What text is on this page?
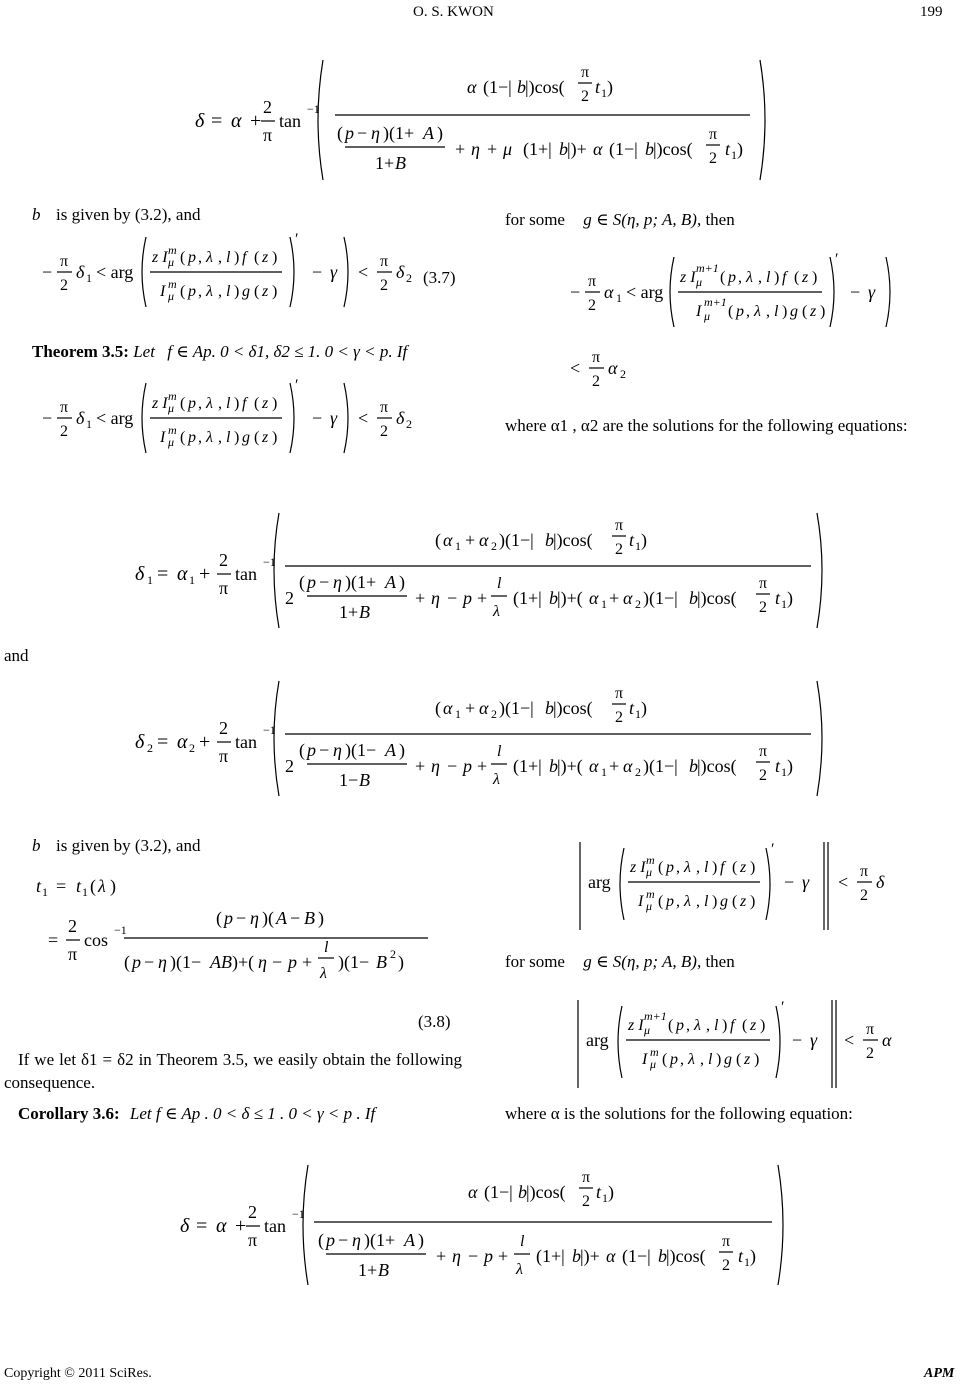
O. S. KWON	199
δ = α +
2
π
tan
−1
α (1−| b |)cos(
π
2 t 1 )
( p − η )(1+ A )
1+ B
+ η + μ (1+| b |)+ α (1−| b |)cos(
π
2 t 1 )
b is given by (3.2), and
−
π
2
δ 1 < arg
z I m
μ ( p , λ , l ) f ( z )
I m
μ ( p , λ , l ) g ( z )
′
− γ <
π
2
δ 2 (3.7)
Theorem 3.5: Let f ∈ Ap. 0 < δ1, δ2 ≤ 1. 0 < γ < p. If
−
π
2
δ 1 < arg
z I m
μ ( p , λ , l ) f ( z )
I m
μ ( p , λ , l ) g ( z )
′
− γ <
π
2
δ 2
for some g ∈ S(η, p; A, B), then
−
π
2
α 1 < arg
z I
m+1
μ ( p , λ , l ) f ( z )
I
m+1
μ ( p , λ , l ) g ( z )
′
− γ
<
π
2
α 2
where α1 , α2 are the solutions for the following equations:
δ 1 = α 1 +
2
π
tan
−1
( α 1 + α 2 )(1−| b |)cos(
π
2 t 1 )
2
( p − η )(1+ A )
1+ B
+ η − p +
l
λ
(1+| b |)+( α 1 + α 2 )(1−| b |)cos(
π
2 t 1 )
and
δ 2 = α 2 +
2
π
tan
−1
( α 1 + α 2 )(1−| b |)cos(
π
2 t 1 )
2
( p − η )(1− A )
1− B
+ η − p +
l
λ
(1+| b |)+( α 1 + α 2 )(1−| b |)cos(
π
2 t 1 )
b is given by (3.2), and
t 1 = t 1 ( λ )
=
2
π
cos −1
( p − η )( A − B )
( p − η )(1− AB )+( η − p +
l
λ
)(1− B 2 )
(3.8)
If we let δ1 = δ2 in Theorem 3.5, we easily obtain the following consequence.
Corollary 3.6: Let f ∈ Ap . 0 < δ ≤ 1 . 0 < γ < p . If
arg
z I m
μ ( p , λ , l ) f ( z )
I m
μ ( p , λ , l ) g ( z )
′
− γ <
π
2
δ
for some g ∈ S(η, p; A, B), then
arg
z I
m+1
μ ( p , λ , l ) f ( z )
I m
μ ( p , λ , l ) g ( z )
′
− γ <
π
2
α
where α is the solutions for the following equation:
δ = α +
2
π
tan
−1
α (1−| b |)cos(
π
2 t 1 )
( p − η )(1+ A )
1+ B
+ η − p +
l
λ
(1+| b |)+ α (1−| b |)cos(
π
2 t 1 )
Copyright © 2011 SciRes.	APM
